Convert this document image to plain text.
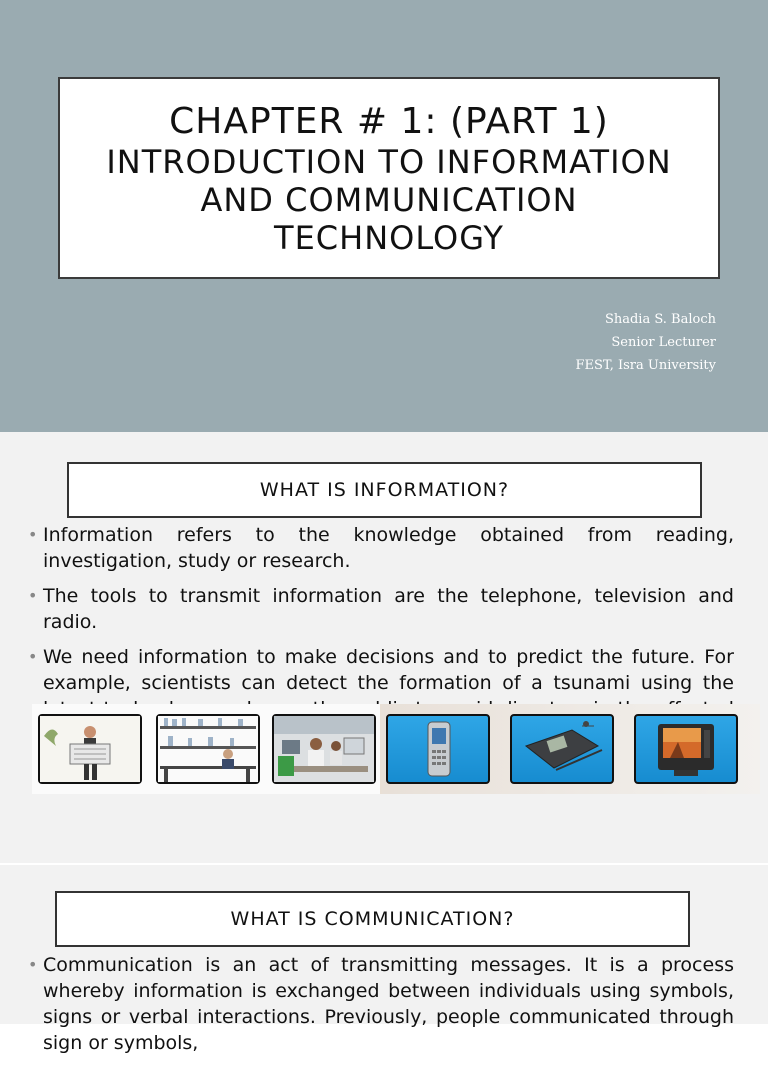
CHAPTER # 1: (PART 1)
INTRODUCTION TO INFORMATION AND COMMUNICATION TECHNOLOGY
Shadia S. Baloch
Senior Lecturer
FEST, Isra University
WHAT IS INFORMATION?
• Information refers to the knowledge obtained from reading, investigation, study or research.
• The tools to transmit information are the telephone, television and radio.
• We need information to make decisions and to predict the future. For example, scientists can detect the formation of a tsunami using the
WHAT IS COMMUNICATION?
• Communication is an act of transmitting messages. It is a process whereby information is exchanged between individuals using symbols, signs or verbal interactions. Previously, people communicated through sign or symbols,
